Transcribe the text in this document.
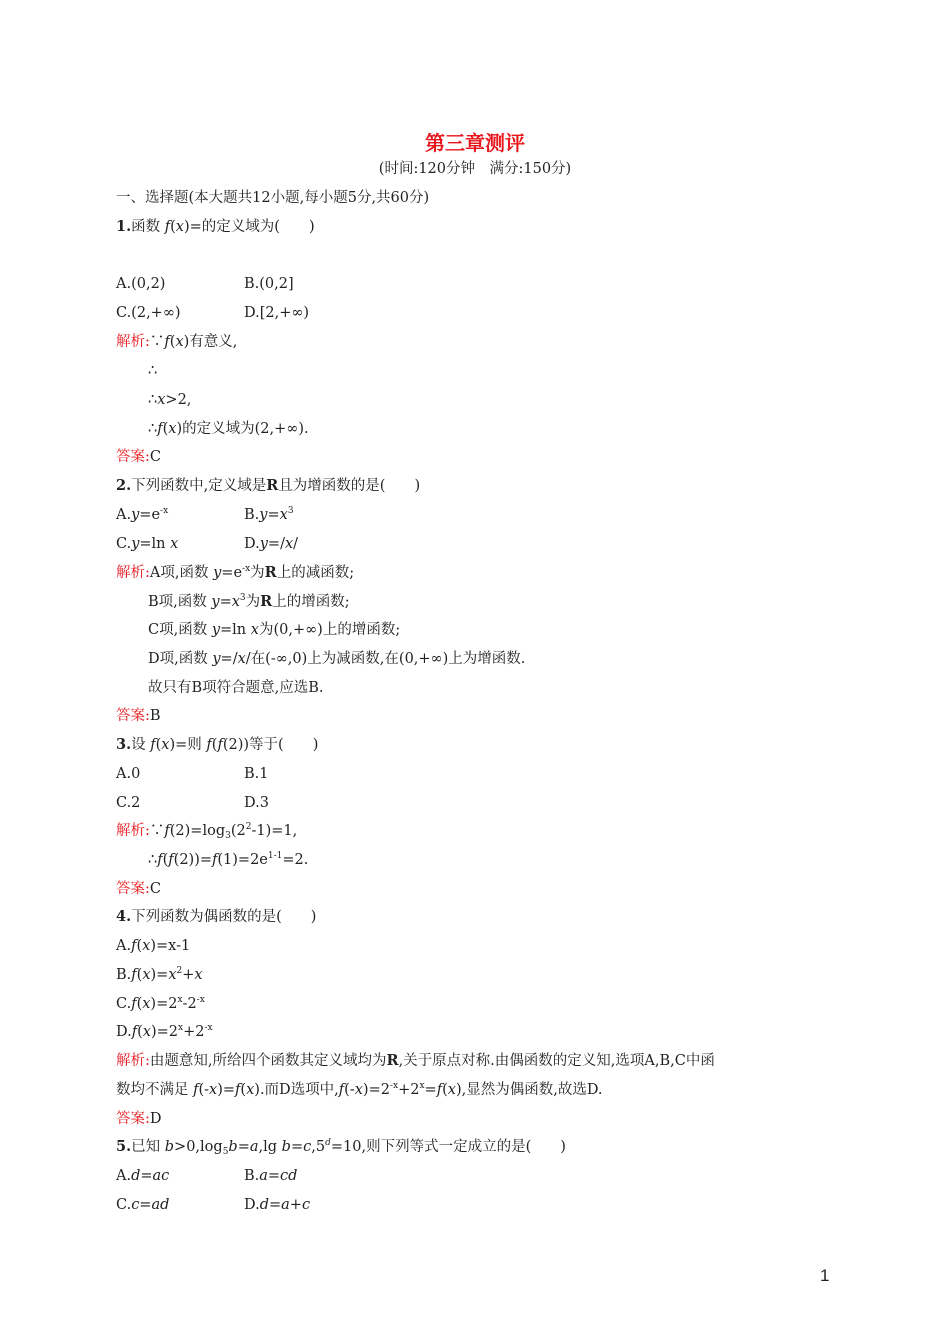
第三章测评
(时间:120分钟　满分:150分)
一、选择题(本大题共12小题,每小题5分,共60分)
1.函数 f(x)=的定义域为(　　)
A.(0,2)	B.(0,2]
C.(2,+∞)	D.[2,+∞)
解析:∵f(x)有意义,
∴
∴x>2,
∴f(x)的定义域为(2,+∞).
答案:C
2.下列函数中,定义域是R且为增函数的是(　　)
$A.y=e^{-x}$	$B.y=x^3$
C.y=ln x	D.y=/x/
解析:A项,函数 $y=e^{-x}$为R上的减函数;
B项,函数 $y=x^3$为R上的增函数;
C项,函数 y=ln x为(0,+∞)上的增函数;
D项,函数 y=/x/在(-∞,0)上为减函数,在(0,+∞)上为增函数.
故只有B项符合题意,应选B.
答案:B
3.设 f(x)=则 f(f(2))等于(　　)
A.0	B.1
C.2	D.3
解析$:\because f(2)=\log_3(2^2-1)=1$,
$\therefore f(f(2))=f(1)=2e^{1-1}=2$.
答案:C
4.下列函数为偶函数的是(　　)
A.f(x)=x-1
$B.f(x)=x^2+x$
$C.f(x)=2^x-2^{-x}$
$D.f(x)=2^x+2^{-x}$
解析:由题意知,所给四个函数其定义域均为R,关于原点对称.由偶函数的定义知,选项A,B,C中函
数均不满足 f(-x)=f(x).而D选项中$,f(-x)=2^{-x}+2^x=f(x)$,显然为偶函数,故选D.
答案:D
5.已知 $b>0,\log_5b=a,\lg$ b=c,5$^d$=10,则下列等式一定成立的是(　　)
A.d=ac	B.a=cd
C.c=ad	D.d=a+c
1
